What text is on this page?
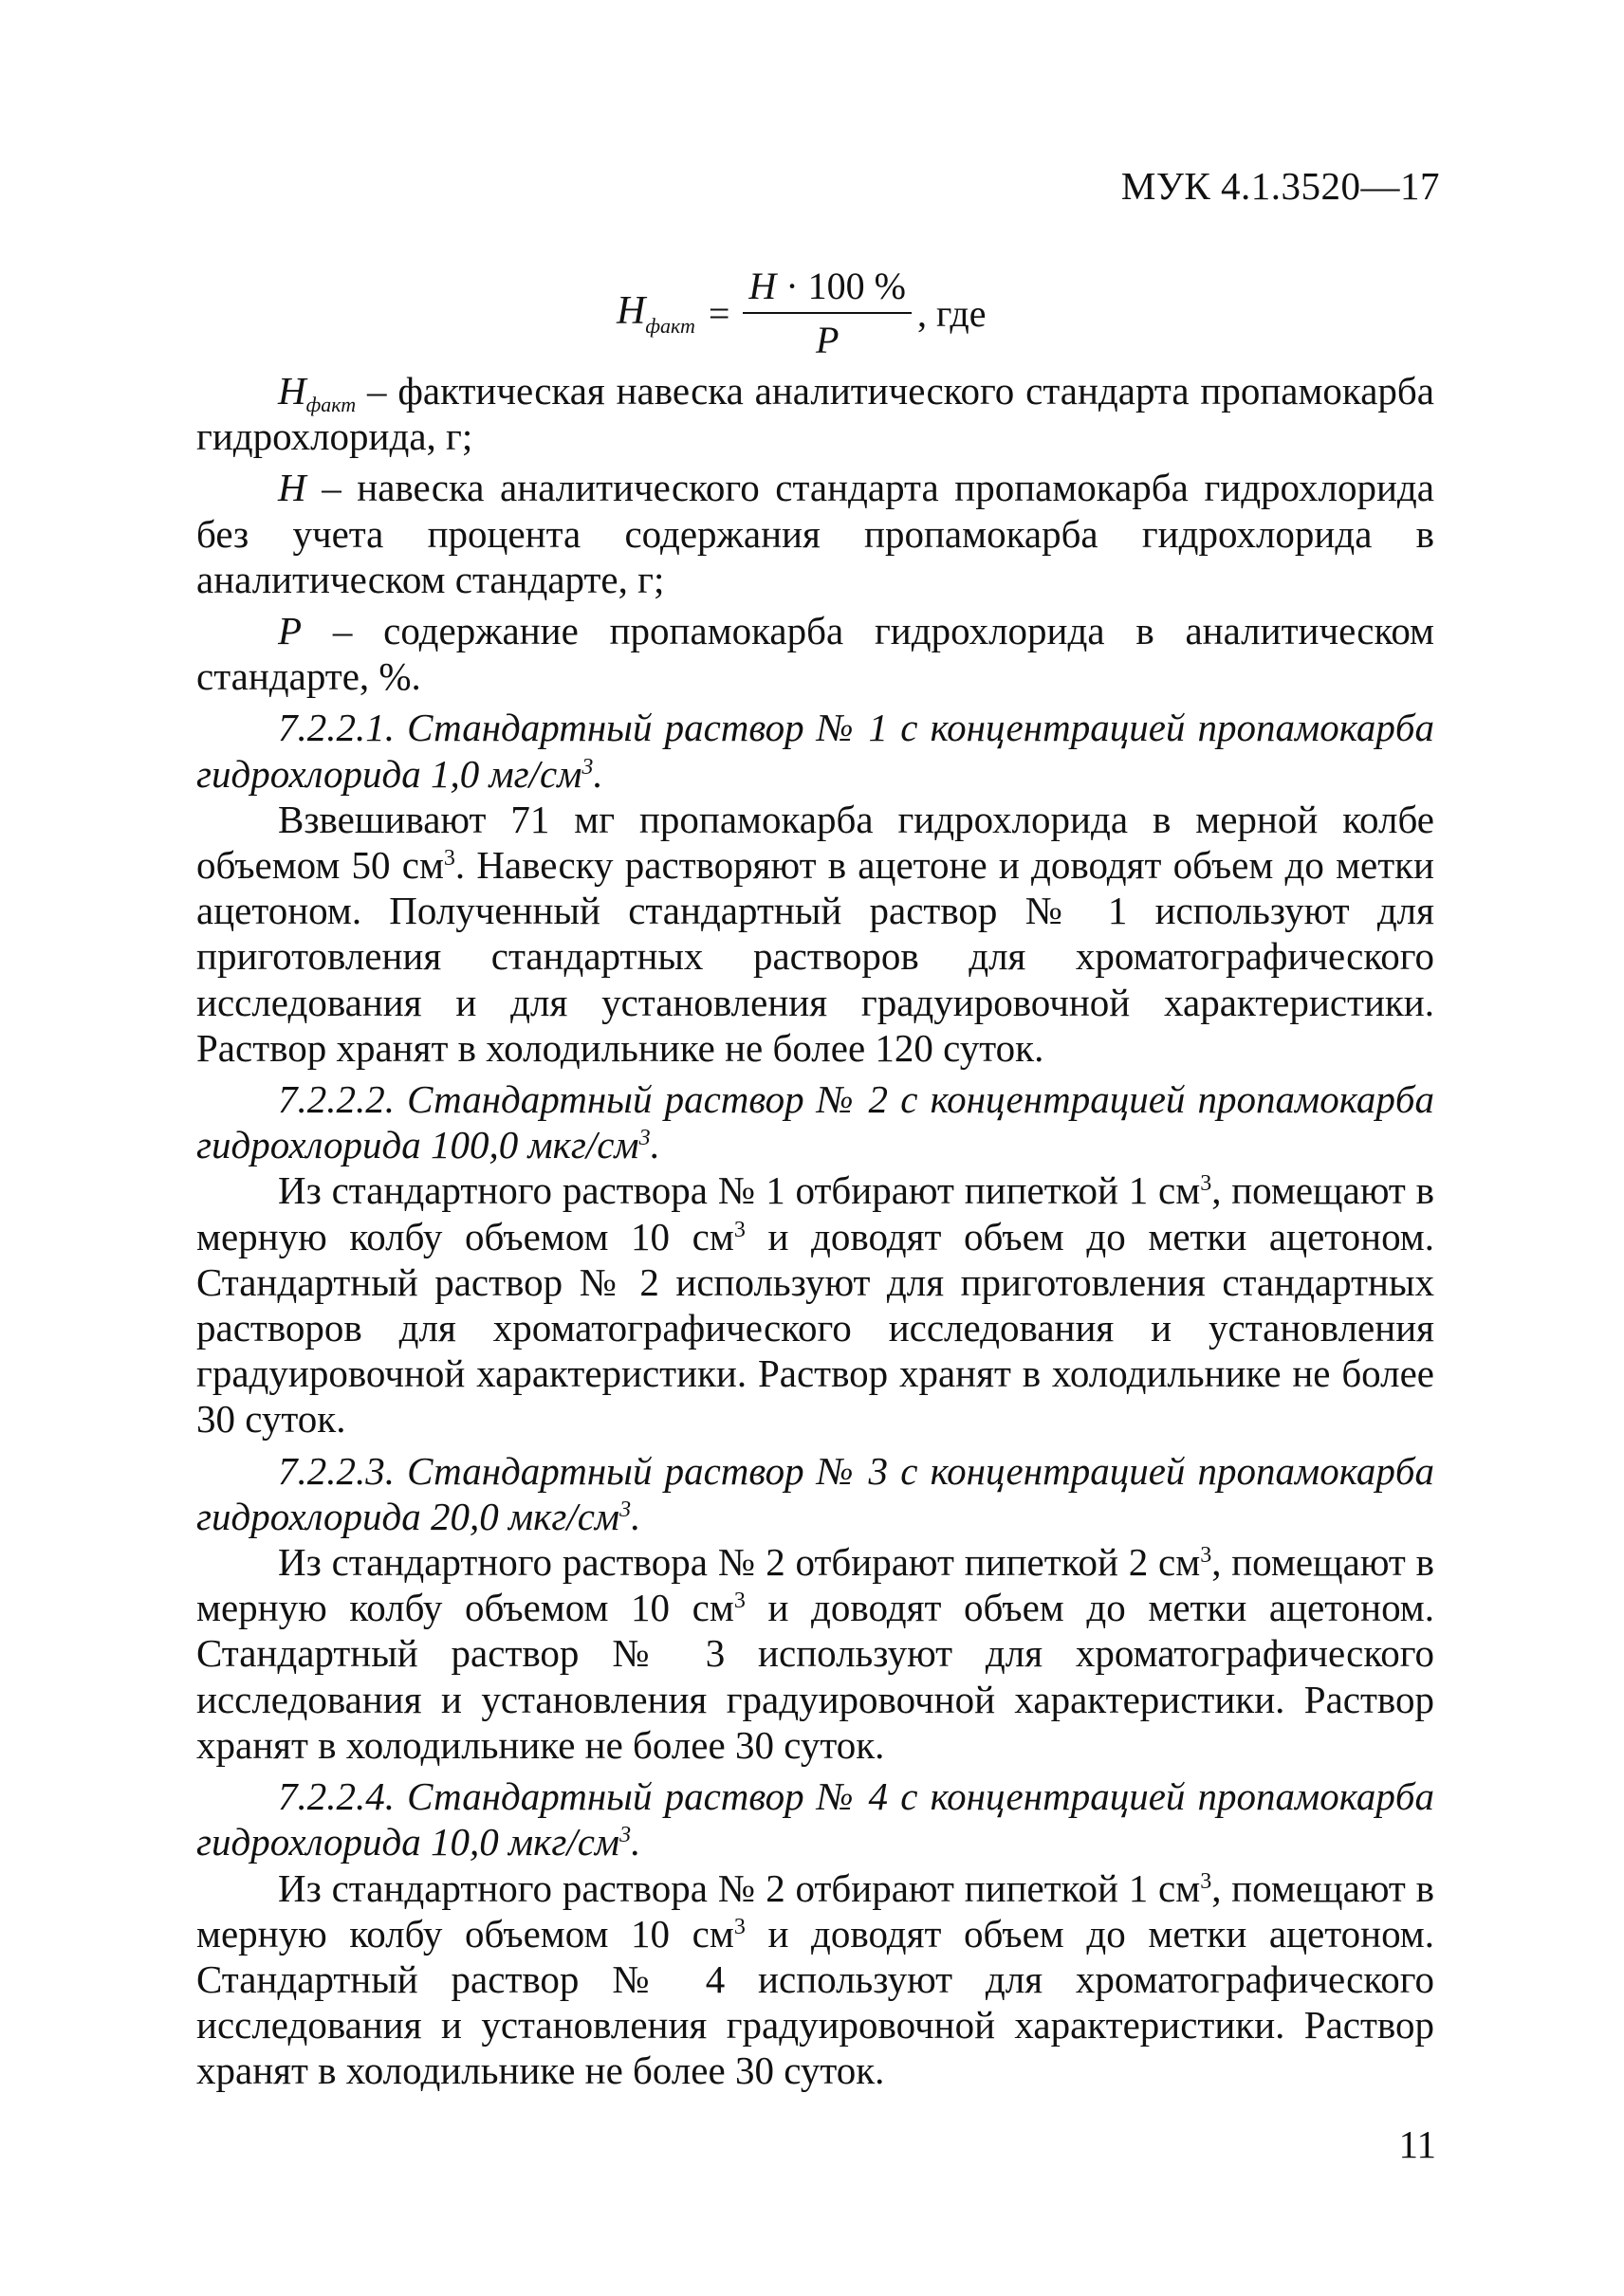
МУК 4.1.3520—17
$H_{факт} = \frac{H \cdot 100 \%}{P}$ , где

$H_{факт}$ – фактическая навеска аналитического стандарта пропамокарба гидрохлорида, г;

H – навеска аналитического стандарта пропамокарба гидрохлорида без учета процента содержания пропамокарба гидрохлорида в аналитическом стандарте, г;

P – содержание пропамокарба гидрохлорида в аналитическом стандарте, %.

7.2.2.1. Стандартный раствор № 1 с концентрацией пропамокарба гидрохлорида 1,0 $мг/см^3$.

Взвешивают 71 мг пропамокарба гидрохлорида в мерной колбе объемом 50 $см^3$. Навеску растворяют в ацетоне и доводят объем до метки ацетоном. Полученный стандартный раствор № 1 используют для приготовления стандартных растворов для хроматографического исследования и для установления градуировочной характеристики. Раствор хранят в холодильнике не более 120 суток.

7.2.2.2. Стандартный раствор № 2 с концентрацией пропамокарба гидрохлорида 100,0 мкг/$см^3$.

Из стандартного раствора № 1 отбирают пипеткой 1 $см^3$, помещают в мерную колбу объемом 10 $см^3$ и доводят объем до метки ацетоном. Стандартный раствор № 2 используют для приготовления стандартных растворов для хроматографического исследования и установления градуировочной характеристики. Раствор хранят в холодильнике не более 30 суток.

7.2.2.3. Стандартный раствор № 3 с концентрацией пропамокарба гидрохлорида 20,0 мкг/$см^3$.

Из стандартного раствора № 2 отбирают пипеткой 2 $см^3$, помещают в мерную колбу объемом 10 $см^3$ и доводят объем до метки ацетоном. Стандартный раствор № 3 используют для хроматографического исследования и установления градуировочной характеристики. Раствор хранят в холодильнике не более 30 суток.

7.2.2.4. Стандартный раствор № 4 с концентрацией пропамокарба гидрохлорида 10,0 мкг/$см^3$.

Из стандартного раствора № 2 отбирают пипеткой 1 $см^3$, помещают в мерную колбу объемом 10 $см^3$ и доводят объем до метки ацетоном. Стандартный раствор № 4 используют для хроматографического исследования и установления градуировочной характеристики. Раствор хранят в холодильнике не более 30 суток.

11
